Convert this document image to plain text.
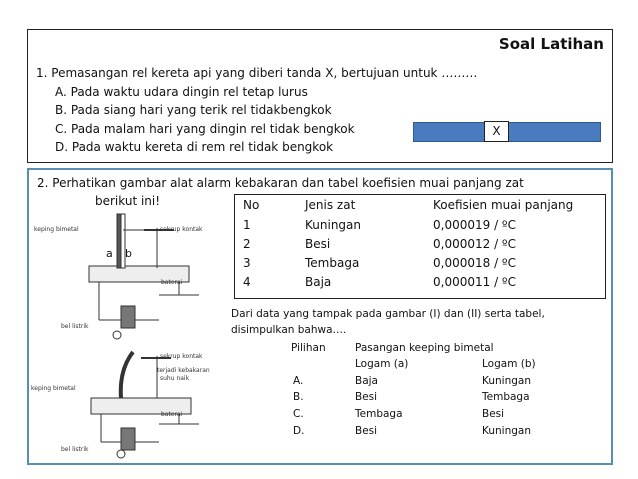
Soal Latihan
1. Pemasangan rel kereta api yang diberi tanda X, bertujuan untuk ………
A. Pada waktu udara dingin rel tetap lurus
B. Pada siang hari yang terik rel tidakbengkok
C. Pada malam hari yang dingin rel tidak bengkok
D. Pada waktu kereta di rem rel tidak bengkok
X
2. Perhatikan gambar alat alarm kebakaran dan tabel koefisien muai panjang zat
berikut ini!
keping bimetal	sekrup kontak
baterai
bel listrik
a b
sekrup kontak
terjadi kebakaran
suhu naik
keping bimetal
baterai
bel listrik
No	Jenis zat	Koefisien muai panjang
1	Kuningan	0,000019 / ºC
2	Besi	0,000012 / ºC
3	Tembaga	0,000018 / ºC
4	Baja	0,000011 / ºC
Dari data yang tampak pada gambar (I) dan (II) serta tabel,
disimpulkan bahwa….
Pilihan	Pasangan keeping bimetal
Logam (a)	Logam (b)
A.	Baja	Kuningan
B.	Besi	Tembaga
C.	Tembaga	Besi
D.	Besi	Kuningan
